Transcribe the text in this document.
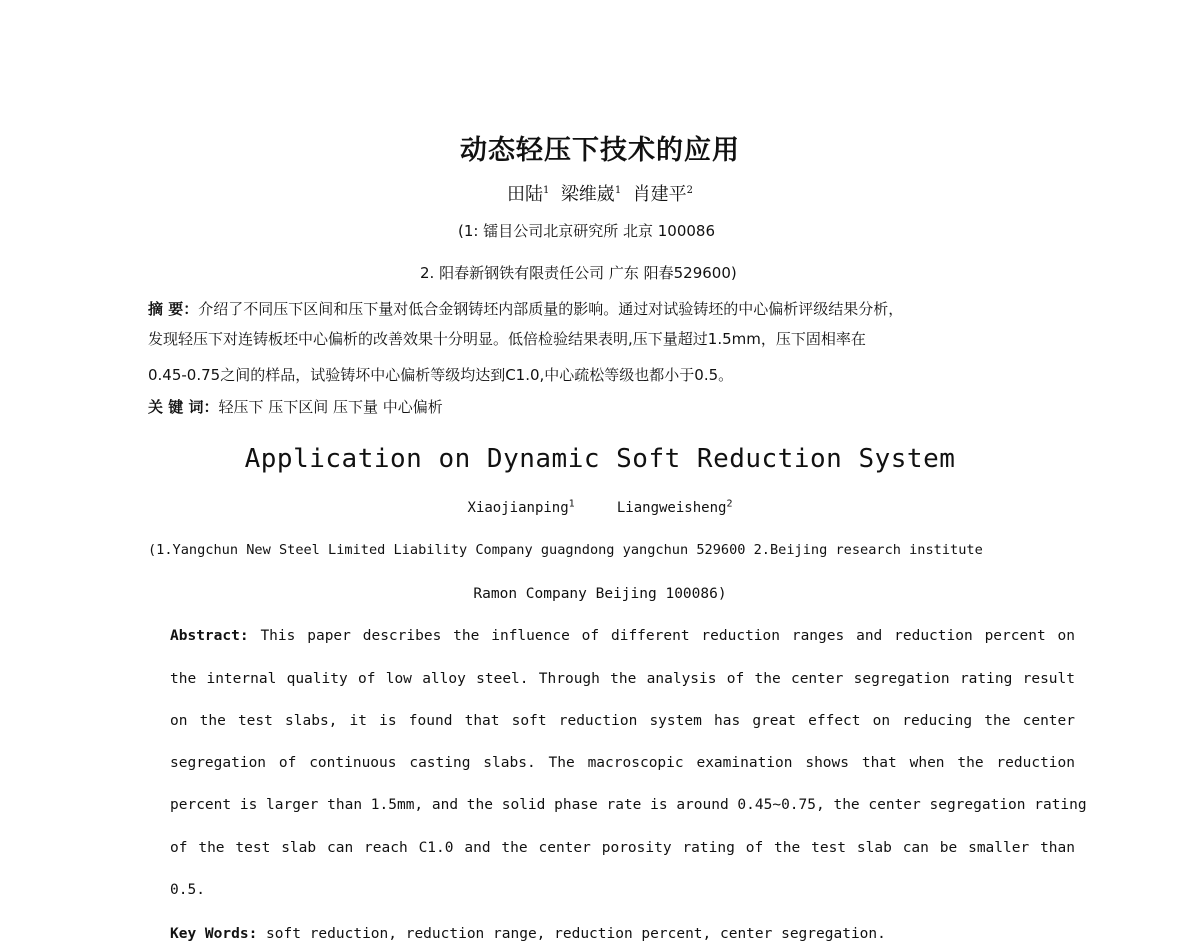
动态轻压下技术的应用
田陆$^1$ 梁维崴$^1$ 肖建平$^2$
(1: 镭目公司北京研究所 北京 100086
2. 阳春新钢铁有限责任公司 广东 阳春529600)
摘 要：介绍了不同压下区间和压下量对低合金钢铸坯内部质量的影响。通过对试验铸坯的中心偏析评级结果分析，
发现轻压下对连铸板坯中心偏析的改善效果十分明显。低倍检验结果表明,压下量超过1.5mm，压下固相率在
0.45-0.75之间的样品，试验铸坏中心偏析等级均达到C1.0,中心疏松等级也都小于0.5。
关 键 词：轻压下 压下区间 压下量 中心偏析
Application on Dynamic Soft Reduction System
Xiaojianping$^1$	Liangweisheng$^2$
(1.Yangchun New Steel Limited Liability Company guagndong yangchun 529600 2.Beijing research institute
Ramon Company Beijing 100086)
Abstract: This paper describes the influence of different reduction ranges and reduction percent on
the internal quality of low alloy steel. Through the analysis of the center segregation rating result
on the test slabs, it is found that soft reduction system has great effect on reducing the center
segregation of continuous casting slabs. The macroscopic examination shows that when the reduction
percent is larger than 1.5mm, and the solid phase rate is around 0.45~0.75, the center segregation rating
of the test slab can reach C1.0 and the center porosity rating of the test slab can be smaller than
0.5.
Key Words: soft reduction, reduction range, reduction percent, center segregation.
